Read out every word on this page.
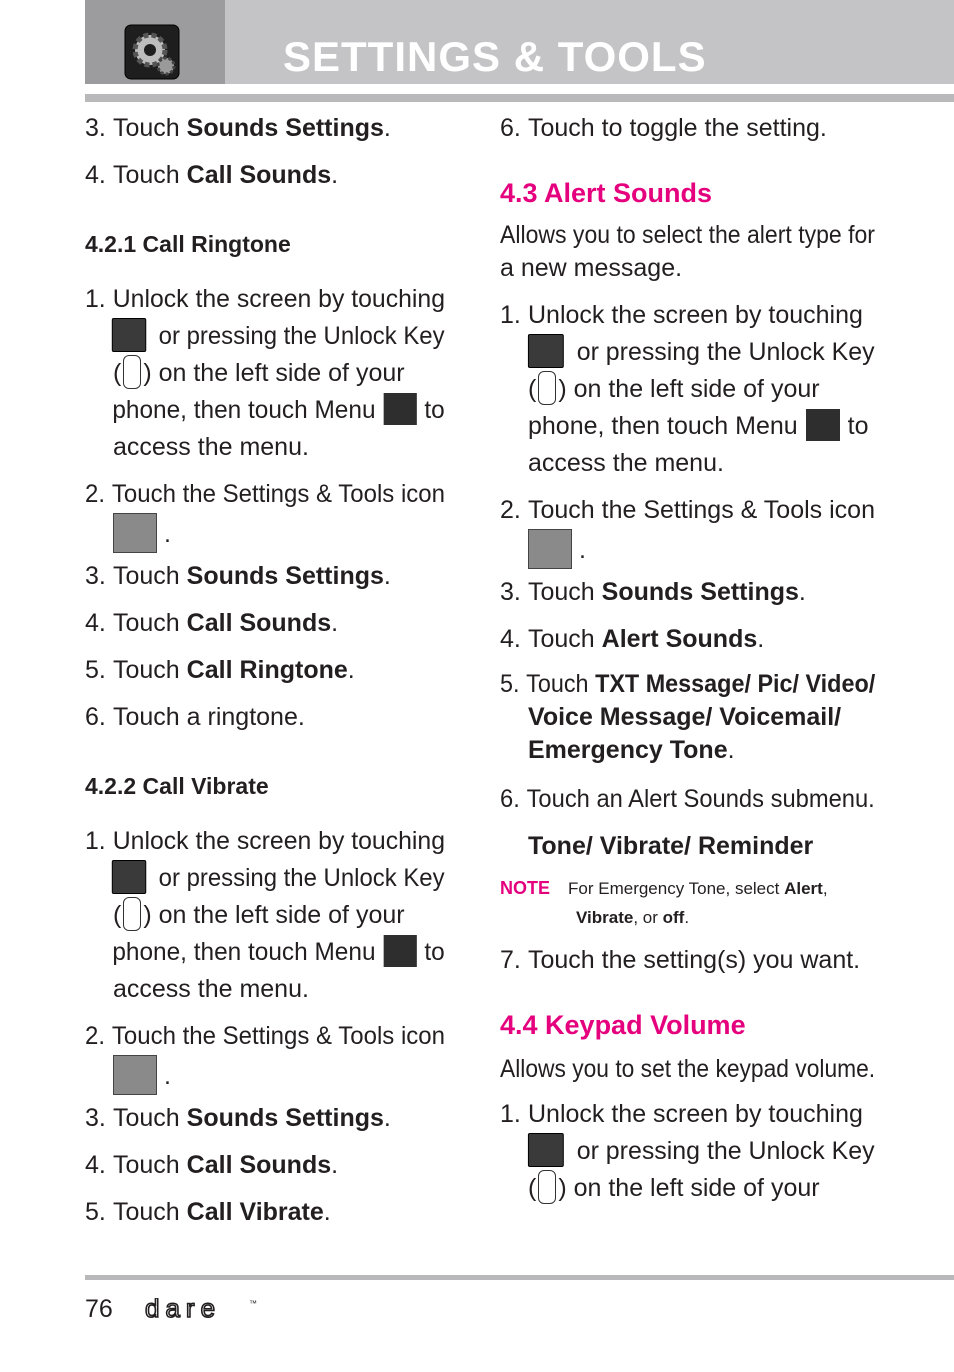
SETTINGS & TOOLS
3. Touch Sounds Settings.
4. Touch Call Sounds.
4.2.1 Call Ringtone
1. Unlock the screen by touching
or pressing the Unlock Key
( ) on the left side of your
phone, then touch Menu to
access the menu.
2. Touch the Settings & Tools icon
.
3. Touch Sounds Settings.
4. Touch Call Sounds.
5. Touch Call Ringtone.
6. Touch a ringtone.
4.2.2 Call Vibrate
1. Unlock the screen by touching
or pressing the Unlock Key
( ) on the left side of your
phone, then touch Menu to
access the menu.
2. Touch the Settings & Tools icon
.
3. Touch Sounds Settings.
4. Touch Call Sounds.
5. Touch Call Vibrate.
6. Touch to toggle the setting.
4.3 Alert Sounds
Allows you to select the alert type for
a new message.
1. Unlock the screen by touching
or pressing the Unlock Key
( ) on the left side of your
phone, then touch Menu to
access the menu.
2. Touch the Settings & Tools icon
.
3. Touch Sounds Settings.
4. Touch Alert Sounds.
5. Touch TXT Message/ Pic/ Video/
Voice Message/ Voicemail/
Emergency Tone.
6. Touch an Alert Sounds submenu.
Tone/ Vibrate/ Reminder
NOTE For Emergency Tone, select Alert,
Vibrate, or off.
7. Touch the setting(s) you want.
4.4 Keypad Volume
Allows you to set the keypad volume.
1. Unlock the screen by touching
or pressing the Unlock Key
( ) on the left side of your
76 dare	™
